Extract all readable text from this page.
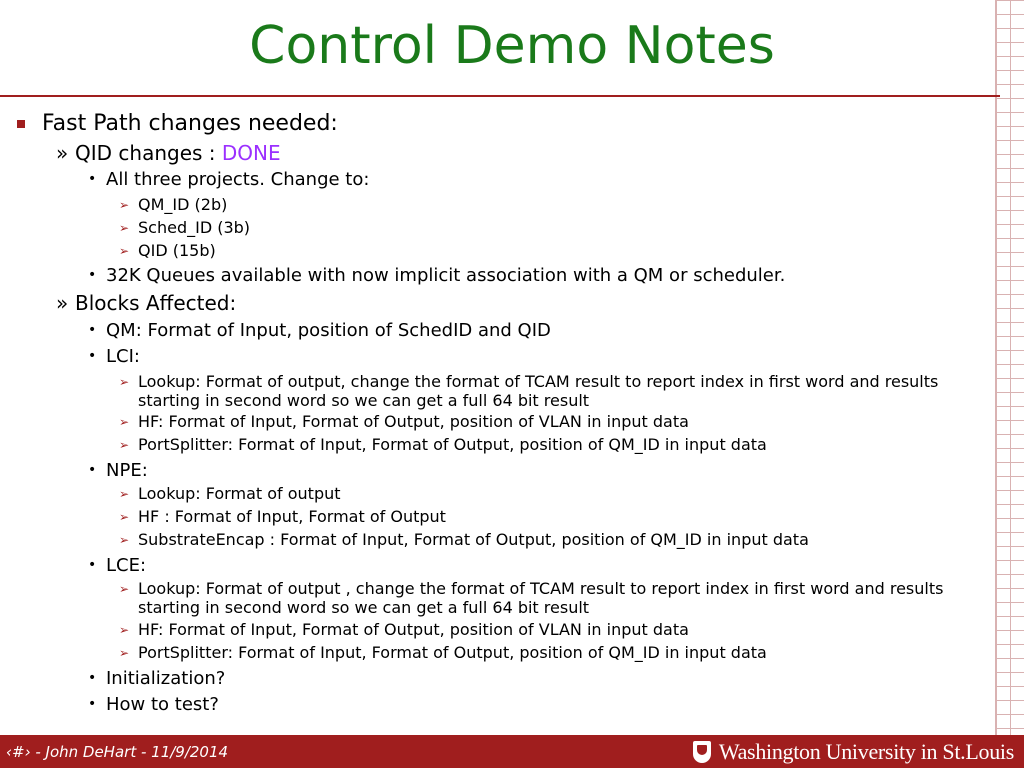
Control Demo Notes
Fast Path changes needed:
» QID changes : DONE
• All three projects. Change to:
➢ QM_ID (2b)
➢ Sched_ID (3b)
➢ QID (15b)
• 32K Queues available with now implicit association with a QM or scheduler.
» Blocks Affected:
• QM: Format of Input, position of SchedID and QID
• LCI:
➢ Lookup: Format of output, change the format of TCAM result to report index in first word and results starting in second word so we can get a full 64 bit result
➢ HF: Format of Input, Format of Output, position of VLAN in input data
➢ PortSplitter: Format of Input, Format of Output, position of QM_ID in input data
• NPE:
➢ Lookup: Format of output
➢ HF : Format of Input, Format of Output
➢ SubstrateEncap : Format of Input, Format of Output, position of QM_ID in input data
• LCE:
➢ Lookup: Format of output , change the format of TCAM result to report index in first word and results starting in second word so we can get a full 64 bit result
➢ HF: Format of Input, Format of Output, position of VLAN in input data
➢ PortSplitter: Format of Input, Format of Output, position of QM_ID in input data
• Initialization?
• How to test?
‹#› - John DeHart - 11/9/2014	Washington University in St.Louis
